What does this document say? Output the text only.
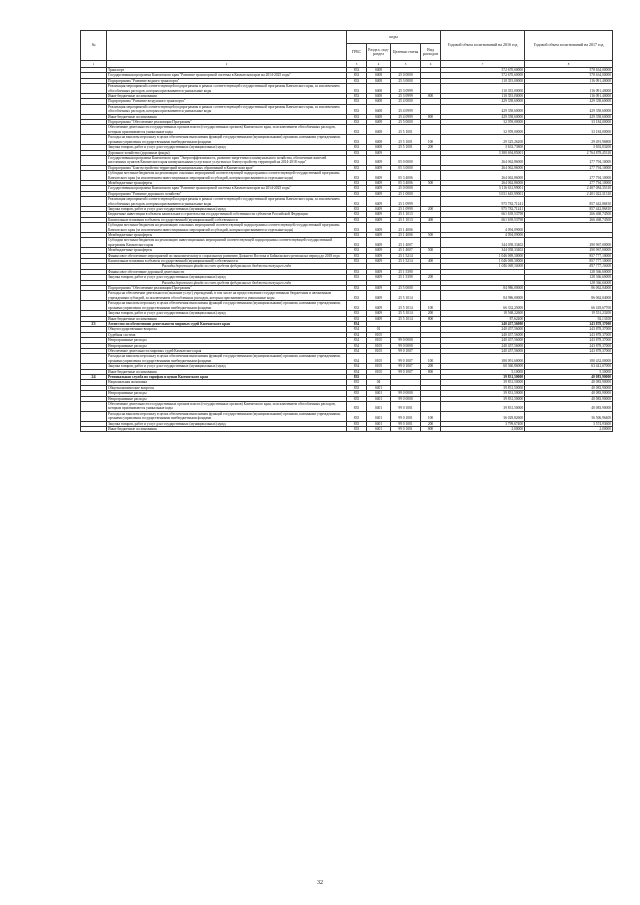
№		коды				Годовой объем ассигнований на 2016 год	Годовой объем ассигнований на 2017 год
		ГРБС	Раздел, под-раздел	Целевая статья	Вид расходов		
1	2	3	4	5	6	7	8
	Транспорт	833	0408			572 670,60000	578 634,00000
	Государственная программа Камчатского края "Развитие транспортной системы в Камчатском крае на 2014-2025 годы"	833	0408	25 0 0000		572 670,60000	578 634,00000
	Подпрограмма "Развитие водного транспорта"	833	0408	25 3 0000		110 355,00000	116 091,40000
	Реализация мероприятий соответствующей подпрограммы в рамках соответствующей государственной программы Камчатского края, за исключением обособленных расходов, которым присваиваются уникальные коды	833	0408	25 3 0999		110 355,00000	116 091,40000
	Иные бюджетные ассигнования	833	0408	25 3 0999	800	110 355,00000	116 091,40000
	Подпрограмма "Развитие воздушного транспорта"	833	0408	25 4 0000		429 358,60000	429 358,60000
	Реализация мероприятий соответствующей подпрограммы в рамках соответствующей государственной программы Камчатского края, за исключением обособленных расходов, которым присваиваются уникальные коды	833	0408	25 4 0999		429 358,60000	429 358,60000
	Иные бюджетные ассигнования	833	0408	25 4 0999	800	429 358,60000	429 358,60000
	Подпрограмма "Обеспечение реализации Программы"	833	0408	25 5 0000		32 959,00000	33 184,00000
	Обеспечение деятельности государственных органов власти (государственных органов) Камчатского края, за исключением обособленных расходов, которым присваиваются уникальные коды	833	0408	25 5 1001		32 959,00000	33 184,00000
	Расходы на выплаты персоналу в целях обеспечения выполнения функций государственными (муниципальными) органами, казенными учреждениями, органами управления государственными внебюджетными фондами	833	0408	25 5 1001	100	29 325,26200	29 491,96800
	Закупка товаров, работ и услуг для государственных (муниципальных) нужд	833	0408	25 5 1001	200	3 633,73800	3 692,03200
	Дорожное хозяйство (дорожные фонды)	833	0409			3 380 694,85001	2 764 878,45310
	Государственная программа Камчатского края "Энергоэффективность, развитие энергетики и коммунального хозяйства, обеспечение жителей населенных пунктов Камчатского края коммунальными услугами и услугами по благоустройству территорий на 2014-2018 годы"	833	0409	05 0 0000		264 062,86000	277 794,10000
	Подпрограмма "Благоустройство территорий муниципальных образований в Камчатском крае"	833	0409	05 3 0000		264 062,86000	277 794,10000
	Субсидии местным бюджетам на реализацию основных мероприятий соответствующей подпрограммы соответствующей государственной программы Камчатского края (за исключением инвестиционных мероприятий и субсидий, которым присваиваются отдельные коды)	833	0409	05 3 4006		264 062,86000	277 794,10000
	Межбюджетные трансферты	833	0409	05 3 4006	500	264 062,86000	277 794,10000
	Государственная программа Камчатского края "Развитие транспортной системы в Камчатском крае на 2014-2025 годы"	833	0409	25 0 0000		3 116 631,99001	2 487 084,35310
	Подпрограмма "Развитие дорожного хозяйства"	833	0409	25 1 0000		3 031 645,99001	2 401 022,31310
	Реализация мероприятий соответствующей подпрограммы в рамках соответствующей государственной программы Камчатского края, за исключением обособленных расходов, которым присваиваются уникальные коды	833	0409	25 1 0999		975 782,71241	857 442,86810
	Закупка товаров, работ и услуг для государственных (муниципальных) нужд	833	0409	25 1 0999	200	975 782,71241	857 442,86810
	Бюджетные инвестиции в объекты капитального строительства государственной собственности субъектов Российской Федерации	833	0409	25 1 1013		661 639,53798	266 468,74500
	Капитальные вложения в объекты государственной (муниципальной) собственности	833	0409	25 1 1013	400	661 639,53798	266 468,74500
	Субсидии местным бюджетам на реализацию основных мероприятий соответствующей подпрограммы соответствующей государственной программы Камчатского края (за исключением инвестиционных мероприятий и субсидий, которым присваиваются отдельные коды)	833	0409	25 1 4006		4 094,09000	
	Межбюджетные трансферты	833	0409	25 1 4006	500	4 094,09000	
	Субсидии местным бюджетам на реализацию инвестиционных мероприятий соответствующей подпрограммы соответствующей государственной программы Камчатского края	833	0409	25 1 4007		344 058,33402	290 967,00000
	Межбюджетные трансферты	833	0409	25 1 4007	500	344 058,33402	290 967,00000
	Финансовое обеспечение мероприятий по экономическому и социальному развитию Дальнего Востока и Байкальского региона на период до 2018 года	833	0409	25 1 5214		1 046 069,30000	857 777,10000
	Капитальные вложения в объекты государственной (муниципальной) собственности	833	0409	25 1 5214	400	1 046 069,30000	857 777,10000
	Расходы дорожного фонда за счет средств федерального бюджета текущего года					1 046 069,30000	857 777,10000
	Финансовое обеспечение дорожной деятельности	833	0409	25 1 5390			128 366,60000
	Закупка товаров, работ и услуг для государственных (муниципальных) нужд	833	0409	25 1 5390	200		128 366,60000
	Расходы дорожного фонда за счет средств федерального бюджета текущего года						128 366,60000
	Подпрограмма "Обеспечение реализации Программы"	833	0409	25 5 0000		84 986,00000	86 062,04000
	Расходы на обеспечение деятельности (оказание услуг) учреждений, в том числе на предоставление государственным бюджетным и автономным учреждениям субсидий, за исключением обособленных расходов, которым присваиваются уникальные коды	833	0409	25 5 1014		84 986,00000	86 062,04000
	Расходы на выплаты персоналу в целях обеспечения выполнения функций государственными (муниципальными) органами, казенными учреждениями, органами управления государственными внебюджетными фондами	833	0409	25 5 1014	100	66 332,25000	66 418,67700
	Закупка товаров, работ и услуг для государственных (муниципальных) нужд	833	0409	25 5 1014	200	18 568,22600	19 551,23200
	Иные бюджетные ассигнования	833	0409	25 5 1014	800	87,62400	92,13100
23	Агентство по обеспечению деятельности мировых судей Камчатского края	834				240 457,56000	243 878,37000
	Общегосударственные вопросы	834	01			240 457,56000	243 878,37000
	Судебная система	834	0105			240 457,56000	243 878,37000
	Непрограммные расходы	834	0105	99 0 0000		240 457,56000	243 878,37000
	Непрограммные расходы	834	0105	99 0 0000		240 457,56000	243 878,37000
	Обеспечение деятельности мировых судей Камчатского края	834	0105	99 0 1007		240 457,56000	243 878,37000
	Расходы на выплаты персоналу в целях обеспечения выполнения функций государственными (муниципальными) органами, казенными учреждениями, органами управления государственными внебюджетными фондами	834	0105	99 0 1007	100	180 091,60000	180 432,00000
	Закупка товаров, работ и услуг для государственных (муниципальных) нужд	834	0105	99 0 1007	200	60 360,86000	63 441,07000
	Иные бюджетные ассигнования	834	0105	99 0 1007	800	5,10000	5,30000
24	Региональная служба по тарифам и ценам Камчатского края	835				39 831,50000	40 083,90000
	Национальная экономика	835	04			39 831,50000	40 083,90000
	Общеэкономические вопросы	835	0401			39 831,50000	40 083,90000
	Непрограммные расходы	835	0401	99 0 0000		39 831,50000	40 083,90000
	Непрограммные расходы	835	0401	99 0 0000		39 831,50000	40 083,90000
	Обеспечение деятельности государственных органов власти (государственных органов) Камчатского края, за исключением обособленных расходов, которым присваиваются уникальные коды	835	0401	99 0 1001		39 831,50000	40 083,90000
	Расходы на выплаты персоналу в целях обеспечения выполнения функций государственными (муниципальными) органами, казенными учреждениями, органами управления государственными внебюджетными фондами	835	0401	99 0 1001	100	36 029,82600	36 506,96400
	Закупка товаров, работ и услуг для государственных (муниципальных) нужд	835	0401	99 0 1001	200	3 799,67400	3 574,93600
	Иные бюджетные ассигнования	835	0401	99 0 1001	800	2,00000	2,00000
32
